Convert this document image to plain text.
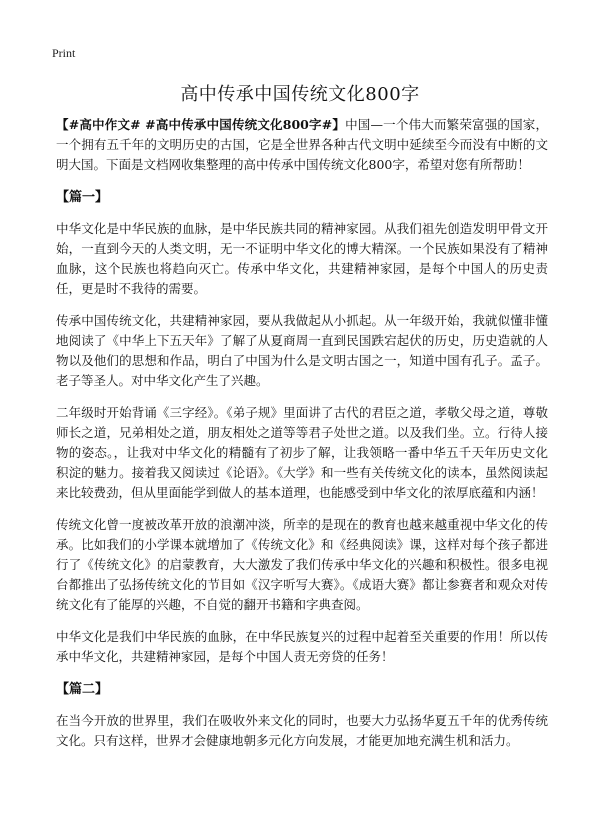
Print
高中传承中国传统文化800字

【#高中作文# #高中传承中国传统文化800字#】中国—一个伟大而繁荣富强的国家，一个拥有五千年的文明历史的古国，它是全世界各种古代文明中延续至今而没有中断的文明大国。下面是文档网收集整理的高中传承中国传统文化800字，希望对您有所帮助！

【篇一】

中华文化是中华民族的血脉，是中华民族共同的精神家园。从我们祖先创造发明甲骨文开始，一直到今天的人类文明，无一不证明中华文化的博大精深。一个民族如果没有了精神血脉，这个民族也将趋向灭亡。传承中华文化，共建精神家园，是每个中国人的历史责任，更是时不我待的需要。

传承中国传统文化，共建精神家园，要从我做起从小抓起。从一年级开始，我就似懂非懂地阅读了《中华上下五天年》了解了从夏商周一直到民国跌宕起伏的历史，历史造就的人物以及他们的思想和作品，明白了中国为什么是文明古国之一，知道中国有孔子。孟子。老子等圣人。对中华文化产生了兴趣。

二年级时开始背诵《三字经》。《弟子规》里面讲了古代的君臣之道，孝敬父母之道，尊敬师长之道，兄弟相处之道，朋友相处之道等等君子处世之道。以及我们坐。立。行待人接物的姿态。，让我对中华文化的精髓有了初步了解，让我领略一番中华五千天年历史文化积淀的魅力。接着我又阅读过《论语》。《大学》和一些有关传统文化的读本，虽然阅读起来比较费劲，但从里面能学到做人的基本道理，也能感受到中华文化的浓厚底蕴和内涵！

传统文化曾一度被改革开放的浪潮冲淡，所幸的是现在的教育也越来越重视中华文化的传承。比如我们的小学课本就增加了《传统文化》和《经典阅读》课，这样对每个孩子都进行了《传统文化》的启蒙教育，大大激发了我们传承中华文化的兴趣和积极性。很多电视台都推出了弘扬传统文化的节目如《汉字听写大赛》。《成语大赛》都让参赛者和观众对传统文化有了能厚的兴趣，不自觉的翻开书籍和字典查阅。

中华文化是我们中华民族的血脉，在中华民族复兴的过程中起着至关重要的作用！所以传承中华文化，共建精神家园，是每个中国人责无旁贷的任务！

【篇二】

在当今开放的世界里，我们在吸收外来文化的同时，也要大力弘扬华夏五千年的优秀传统文化。只有这样，世界才会健康地朝多元化方向发展，才能更加地充满生机和活力。
